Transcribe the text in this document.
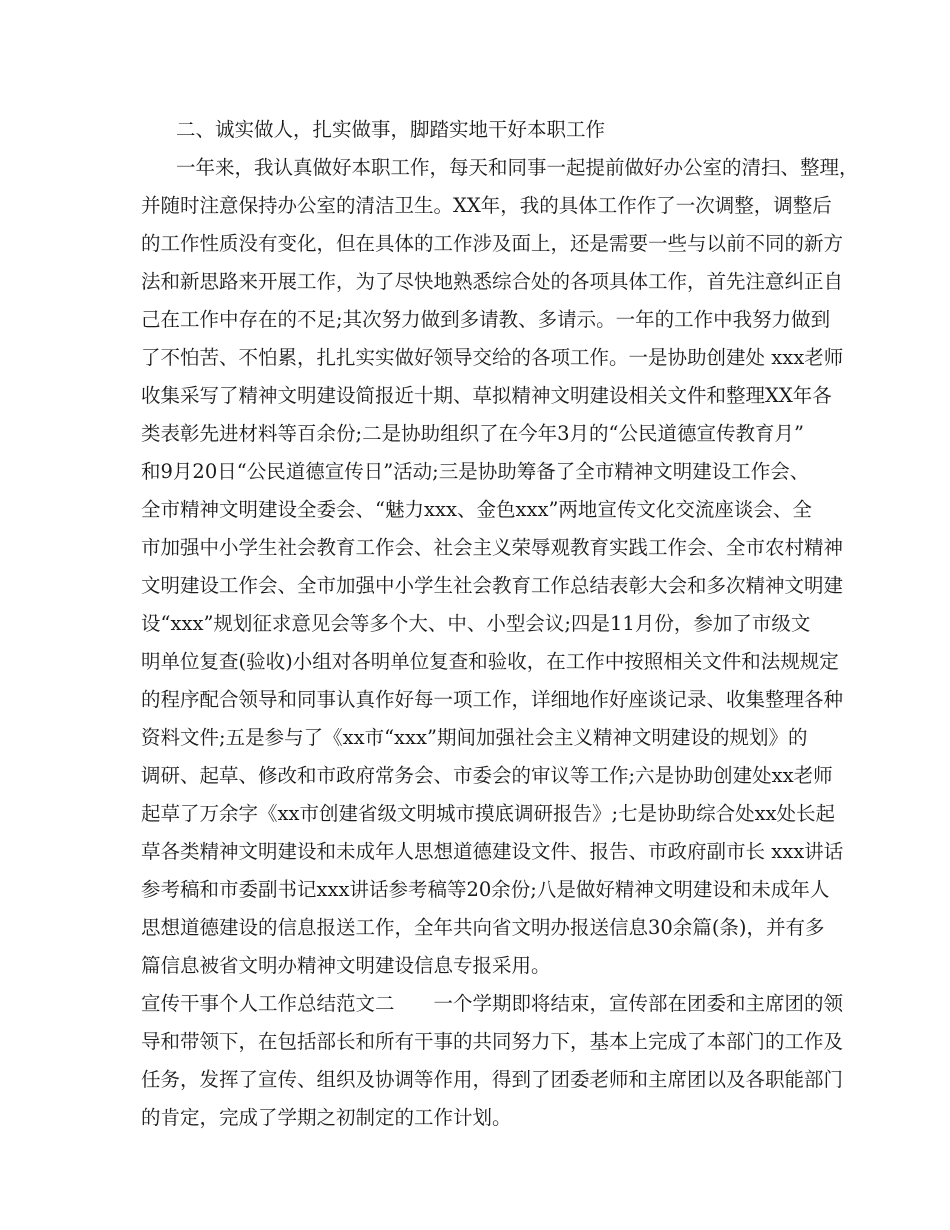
二、诚实做人，扎实做事，脚踏实地干好本职工作

一年来，我认真做好本职工作，每天和同事一起提前做好办公室的清扫、整理，

并随时注意保持办公室的清洁卫生。XX年，我的具体工作作了一次调整，调整后

的工作性质没有变化，但在具体的工作涉及面上，还是需要一些与以前不同的新方

法和新思路来开展工作，为了尽快地熟悉综合处的各项具体工作，首先注意纠正自

己在工作中存在的不足;其次努力做到多请教、多请示。一年的工作中我努力做到

了不怕苦、不怕累，扎扎实实做好领导交给的各项工作。一是协助创建处 xxx老师

收集采写了精神文明建设简报近十期、草拟精神文明建设相关文件和整理XX年各

类表彰先进材料等百余份;二是协助组织了在今年3月的“公民道德宣传教育月”

和9月20日“公民道德宣传日”活动;三是协助筹备了全市精神文明建设工作会、

全市精神文明建设全委会、“魅力xxx、金色xxx”两地宣传文化交流座谈会、全

市加强中小学生社会教育工作会、社会主义荣辱观教育实践工作会、全市农村精神

文明建设工作会、全市加强中小学生社会教育工作总结表彰大会和多次精神文明建

设“xxx”规划征求意见会等多个大、中、小型会议;四是11月份，参加了市级文

明单位复查(验收)小组对各明单位复查和验收，在工作中按照相关文件和法规规定

的程序配合领导和同事认真作好每一项工作，详细地作好座谈记录、收集整理各种

资料文件;五是参与了《xx市“xxx”期间加强社会主义精神文明建设的规划》的

调研、起草、修改和市政府常务会、市委会的审议等工作;六是协助创建处xx老师

起草了万余字《xx市创建省级文明城市摸底调研报告》;七是协助综合处xx处长起

草各类精神文明建设和未成年人思想道德建设文件、报告、市政府副市长 xxx讲话

参考稿和市委副书记xxx讲话参考稿等20余份;八是做好精神文明建设和未成年人

思想道德建设的信息报送工作，全年共向省文明办报送信息30余篇(条)，并有多

篇信息被省文明办精神文明建设信息专报采用。

宣传干事个人工作总结范文二　　一个学期即将结束，宣传部在团委和主席团的领

导和带领下，在包括部长和所有干事的共同努力下，基本上完成了本部门的工作及

任务，发挥了宣传、组织及协调等作用，得到了团委老师和主席团以及各职能部门

的肯定，完成了学期之初制定的工作计划。
